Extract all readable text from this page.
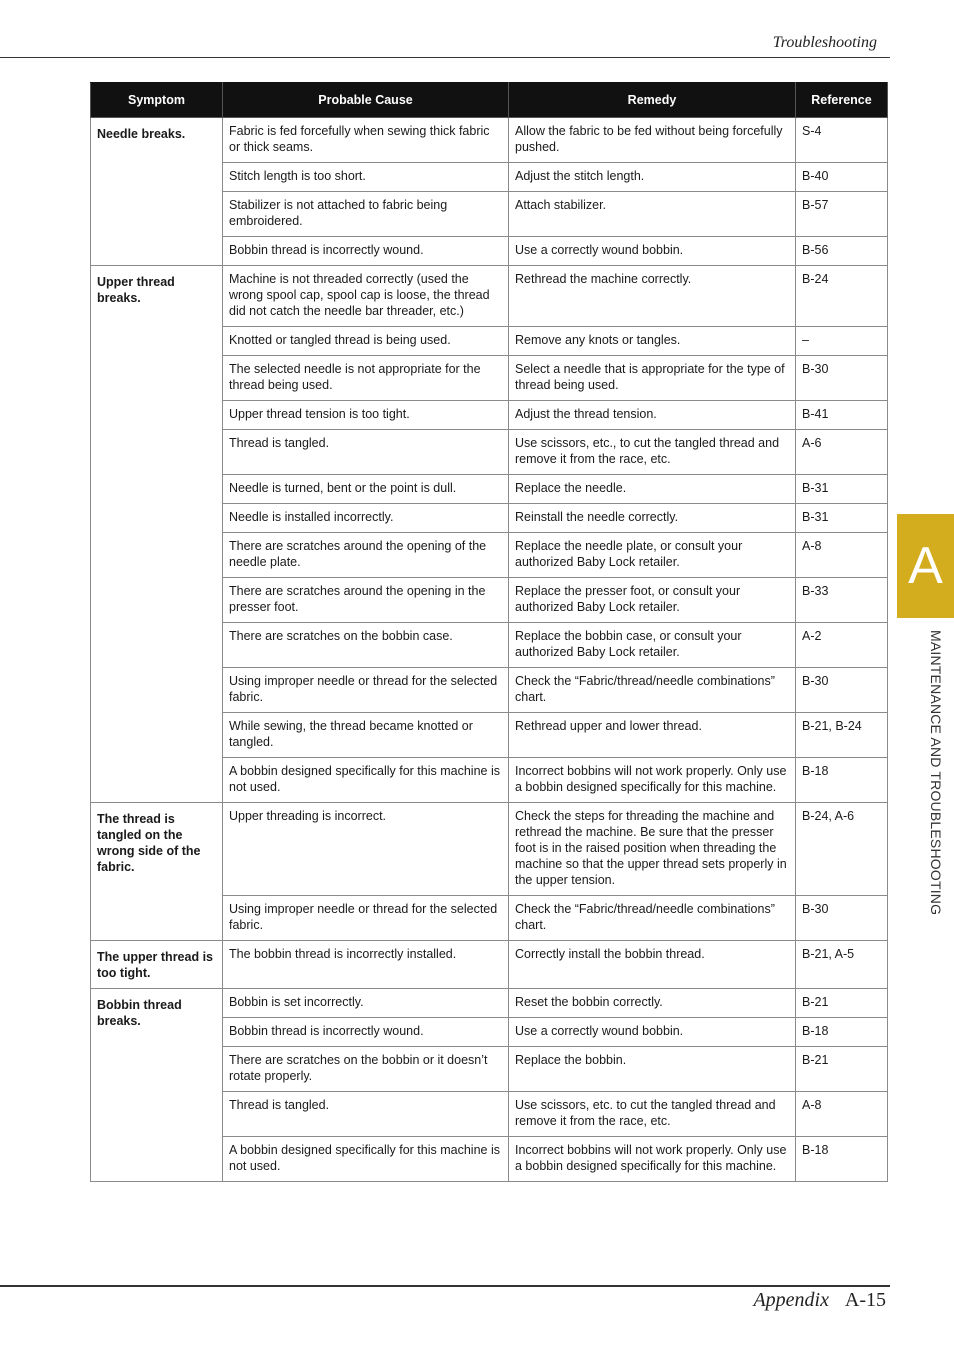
Troubleshooting
Symptom	Probable Cause	Remedy	Reference
Needle breaks.	Fabric is fed forcefully when sewing thick fabric or thick seams.	Allow the fabric to be fed without being forcefully pushed.	S-4
	Stitch length is too short.	Adjust the stitch length.	B-40
	Stabilizer is not attached to fabric being embroidered.	Attach stabilizer.	B-57
	Bobbin thread is incorrectly wound.	Use a correctly wound bobbin.	B-56
Upper thread breaks.	Machine is not threaded correctly (used the wrong spool cap, spool cap is loose, the thread did not catch the needle bar threader, etc.)	Rethread the machine correctly.	B-24
	Knotted or tangled thread is being used.	Remove any knots or tangles.	–
	The selected needle is not appropriate for the thread being used.	Select a needle that is appropriate for the type of thread being used.	B-30
	Upper thread tension is too tight.	Adjust the thread tension.	B-41
	Thread is tangled.	Use scissors, etc., to cut the tangled thread and remove it from the race, etc.	A-6
	Needle is turned, bent or the point is dull.	Replace the needle.	B-31
	Needle is installed incorrectly.	Reinstall the needle correctly.	B-31
	There are scratches around the opening of the needle plate.	Replace the needle plate, or consult your authorized Baby Lock retailer.	A-8
	There are scratches around the opening in the presser foot.	Replace the presser foot, or consult your authorized Baby Lock retailer.	B-33
	There are scratches on the bobbin case.	Replace the bobbin case, or consult your authorized Baby Lock retailer.	A-2
	Using improper needle or thread for the selected fabric.	Check the “Fabric/thread/needle combinations” chart.	B-30
	While sewing, the thread became knotted or tangled.	Rethread upper and lower thread.	B-21, B-24
	A bobbin designed specifically for this machine is not used.	Incorrect bobbins will not work properly. Only use a bobbin designed specifically for this machine.	B-18
The thread is tangled on the wrong side of the fabric.	Upper threading is incorrect.	Check the steps for threading the machine and rethread the machine. Be sure that the presser foot is in the raised position when threading the machine so that the upper thread sets properly in the upper tension.	B-24, A-6
	Using improper needle or thread for the selected fabric.	Check the “Fabric/thread/needle combinations” chart.	B-30
The upper thread is too tight.	The bobbin thread is incorrectly installed.	Correctly install the bobbin thread.	B-21, A-5
Bobbin thread breaks.	Bobbin is set incorrectly.	Reset the bobbin correctly.	B-21
	Bobbin thread is incorrectly wound.	Use a correctly wound bobbin.	B-18
	There are scratches on the bobbin or it doesn’t rotate properly.	Replace the bobbin.	B-21
	Thread is tangled.	Use scissors, etc. to cut the tangled thread and remove it from the race, etc.	A-8
	A bobbin designed specifically for this machine is not used.	Incorrect bobbins will not work properly. Only use a bobbin designed specifically for this machine.	B-18
A
MAINTENANCE AND TROUBLESHOOTING
Appendix A-15
